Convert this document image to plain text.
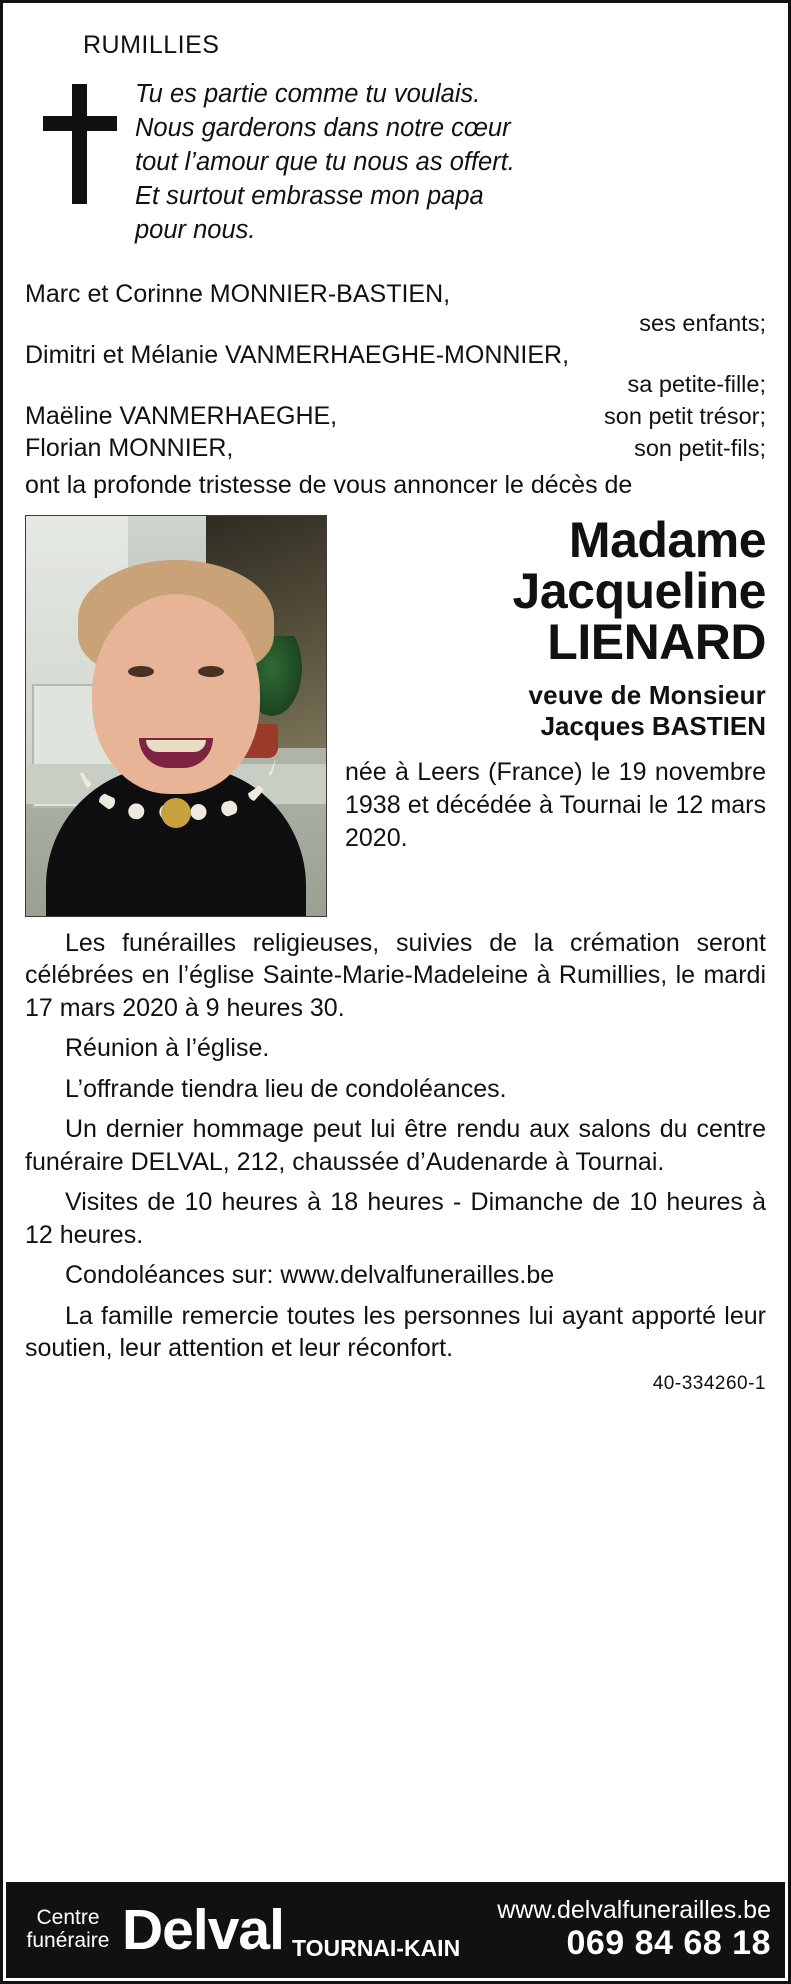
RUMILLIES
Tu es partie comme tu voulais.
Nous garderons dans notre cœur
tout l’amour que tu nous as offert.
Et surtout embrasse mon papa
pour nous.
Marc et Corinne MONNIER-BASTIEN,
ses enfants;
Dimitri et Mélanie VANMERHAEGHE-MONNIER,
sa petite-fille;
Maëline VANMERHAEGHE,	son petit trésor;
Florian MONNIER,	son petit-fils;
ont la profonde tristesse de vous annoncer le décès de
Madame
Jacqueline
LIENARD
veuve de Monsieur
Jacques BASTIEN
née à Leers (France) le 19 novembre 1938 et décédée à Tournai le 12 mars 2020.

Les funérailles religieuses, suivies de la crémation seront célébrées en l’église Sainte-Marie-Madeleine à Rumillies, le mardi 17 mars 2020 à 9 heures 30.

Réunion à l’église.

L’offrande tiendra lieu de condoléances.

Un dernier hommage peut lui être rendu aux salons du centre funéraire DELVAL, 212, chaussée d’Audenarde à Tournai.

Visites de 10 heures à 18 heures - Dimanche de 10 heures à 12 heures.

Condoléances sur: www.delvalfunerailles.be

La famille remercie toutes les personnes lui ayant apporté leur soutien, leur attention et leur réconfort.

40-334260-1
Centre
funéraire Delval TOURNAI-KAIN
www.delvalfunerailles.be
069 84 68 18
